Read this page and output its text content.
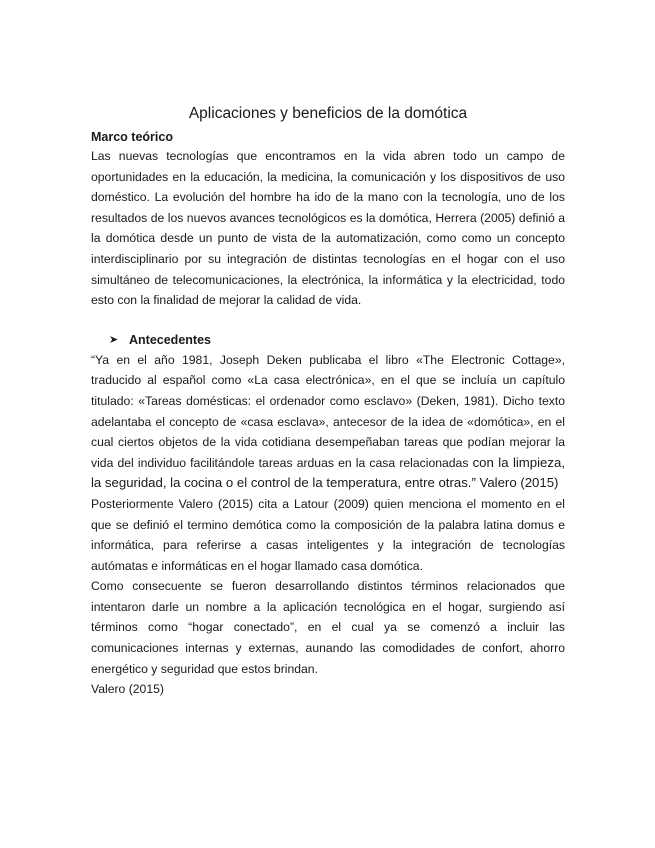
Aplicaciones y beneficios de la domótica
Marco teórico

Las nuevas tecnologías que encontramos en la vida abren todo un campo de oportunidades en la educación, la medicina, la comunicación y los dispositivos de uso doméstico. La evolución del hombre ha ido de la mano con la tecnología, uno de los resultados de los nuevos avances tecnológicos es la domótica, Herrera (2005) definió a la domótica desde un punto de vista de la automatización, como como un concepto interdisciplinario por su integración de distintas tecnologías en el hogar con el uso simultáneo de telecomunicaciones, la electrónica, la informática y la electricidad, todo esto con la finalidad de mejorar la calidad de vida.

➤ Antecedentes

“Ya en el año 1981, Joseph Deken publicaba el libro «The Electronic Cottage», traducido al español como «La casa electrónica», en el que se incluía un capítulo titulado: «Tareas domésticas: el ordenador como esclavo» (Deken, 1981). Dicho texto adelantaba el concepto de «casa esclava», antecesor de la idea de «domótica», en el cual ciertos objetos de la vida cotidiana desempeñaban tareas que podían mejorar la vida del individuo facilitándole tareas arduas en la casa relacionadas con la limpieza, la seguridad, la cocina o el control de la temperatura, entre otras.” Valero (2015)

Posteriormente Valero (2015) cita a Latour (2009) quien menciona el momento en el que se definió el termino demótica como la composición de la palabra latina domus e informática, para referirse a casas inteligentes y la integración de tecnologías autómatas e informáticas en el hogar llamado casa domótica.

Como consecuente se fueron desarrollando distintos términos relacionados que intentaron darle un nombre a la aplicación tecnológica en el hogar, surgiendo así términos como “hogar conectado”, en el cual ya se comenzó a incluir las comunicaciones internas y externas, aunando las comodidades de confort, ahorro energético y seguridad que estos brindan.

Valero (2015)
